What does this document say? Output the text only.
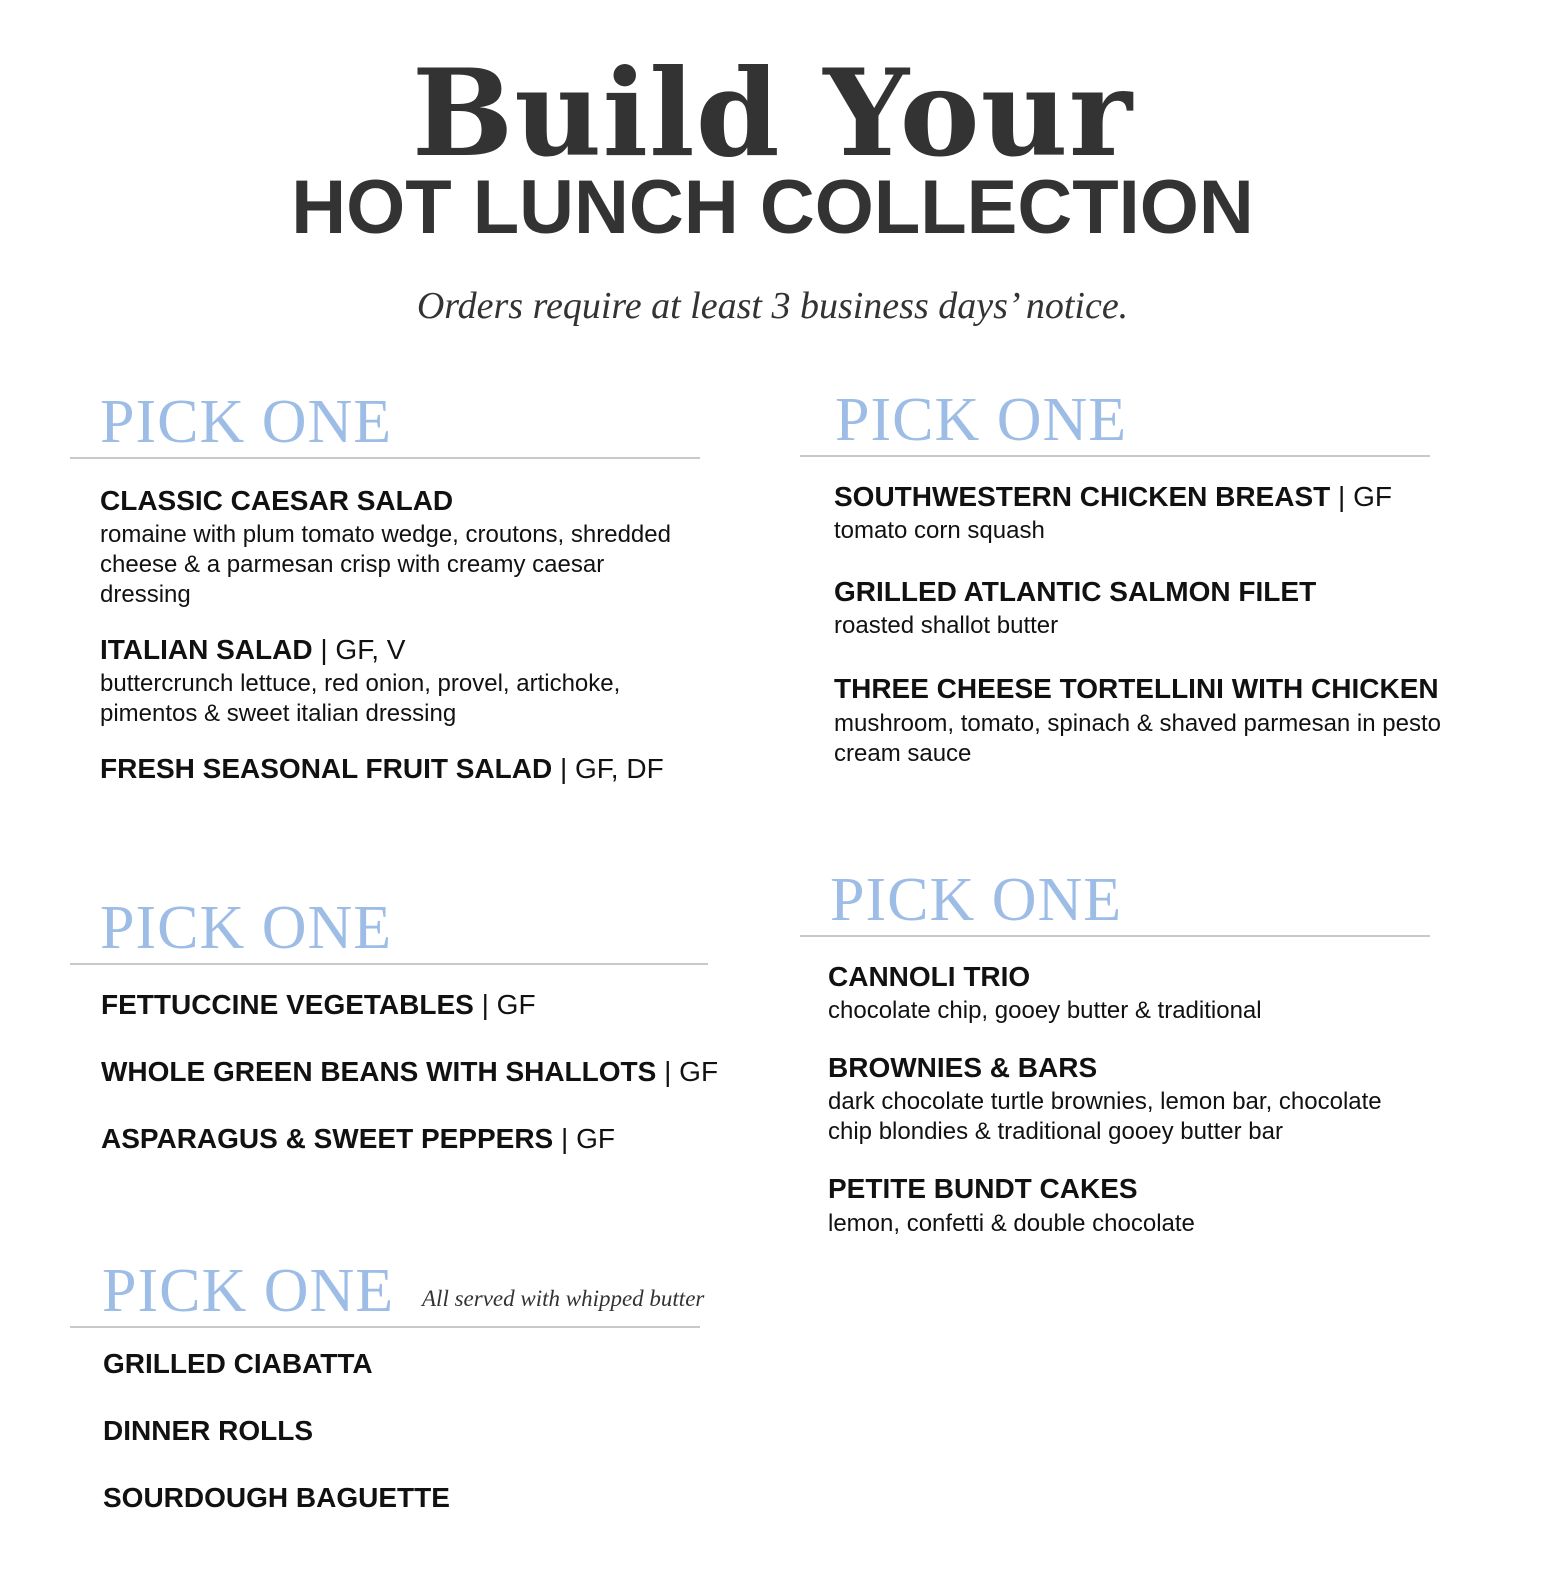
Build Your
HOT LUNCH COLLECTION
Orders require at least 3 business days’ notice.
PICK ONE
CLASSIC CAESAR SALAD
romaine with plum tomato wedge, croutons, shredded cheese & a parmesan crisp with creamy caesar dressing
ITALIAN SALAD | GF, V
buttercrunch lettuce, red onion, provel, artichoke, pimentos & sweet italian dressing
FRESH SEASONAL FRUIT SALAD | GF, DF
PICK ONE
SOUTHWESTERN CHICKEN BREAST | GF
tomato corn squash
GRILLED ATLANTIC SALMON FILET
roasted shallot butter
THREE CHEESE TORTELLINI WITH CHICKEN
mushroom, tomato, spinach & shaved parmesan in pesto cream sauce
PICK ONE
FETTUCCINE VEGETABLES | GF
WHOLE GREEN BEANS WITH SHALLOTS | GF
ASPARAGUS & SWEET PEPPERS | GF
PICK ONE
CANNOLI TRIO
chocolate chip, gooey butter & traditional
BROWNIES & BARS
dark chocolate turtle brownies, lemon bar, chocolate chip blondies & traditional gooey butter bar
PETITE BUNDT CAKES
lemon, confetti & double chocolate
PICK ONE All served with whipped butter
GRILLED CIABATTA
DINNER ROLLS
SOURDOUGH BAGUETTE
